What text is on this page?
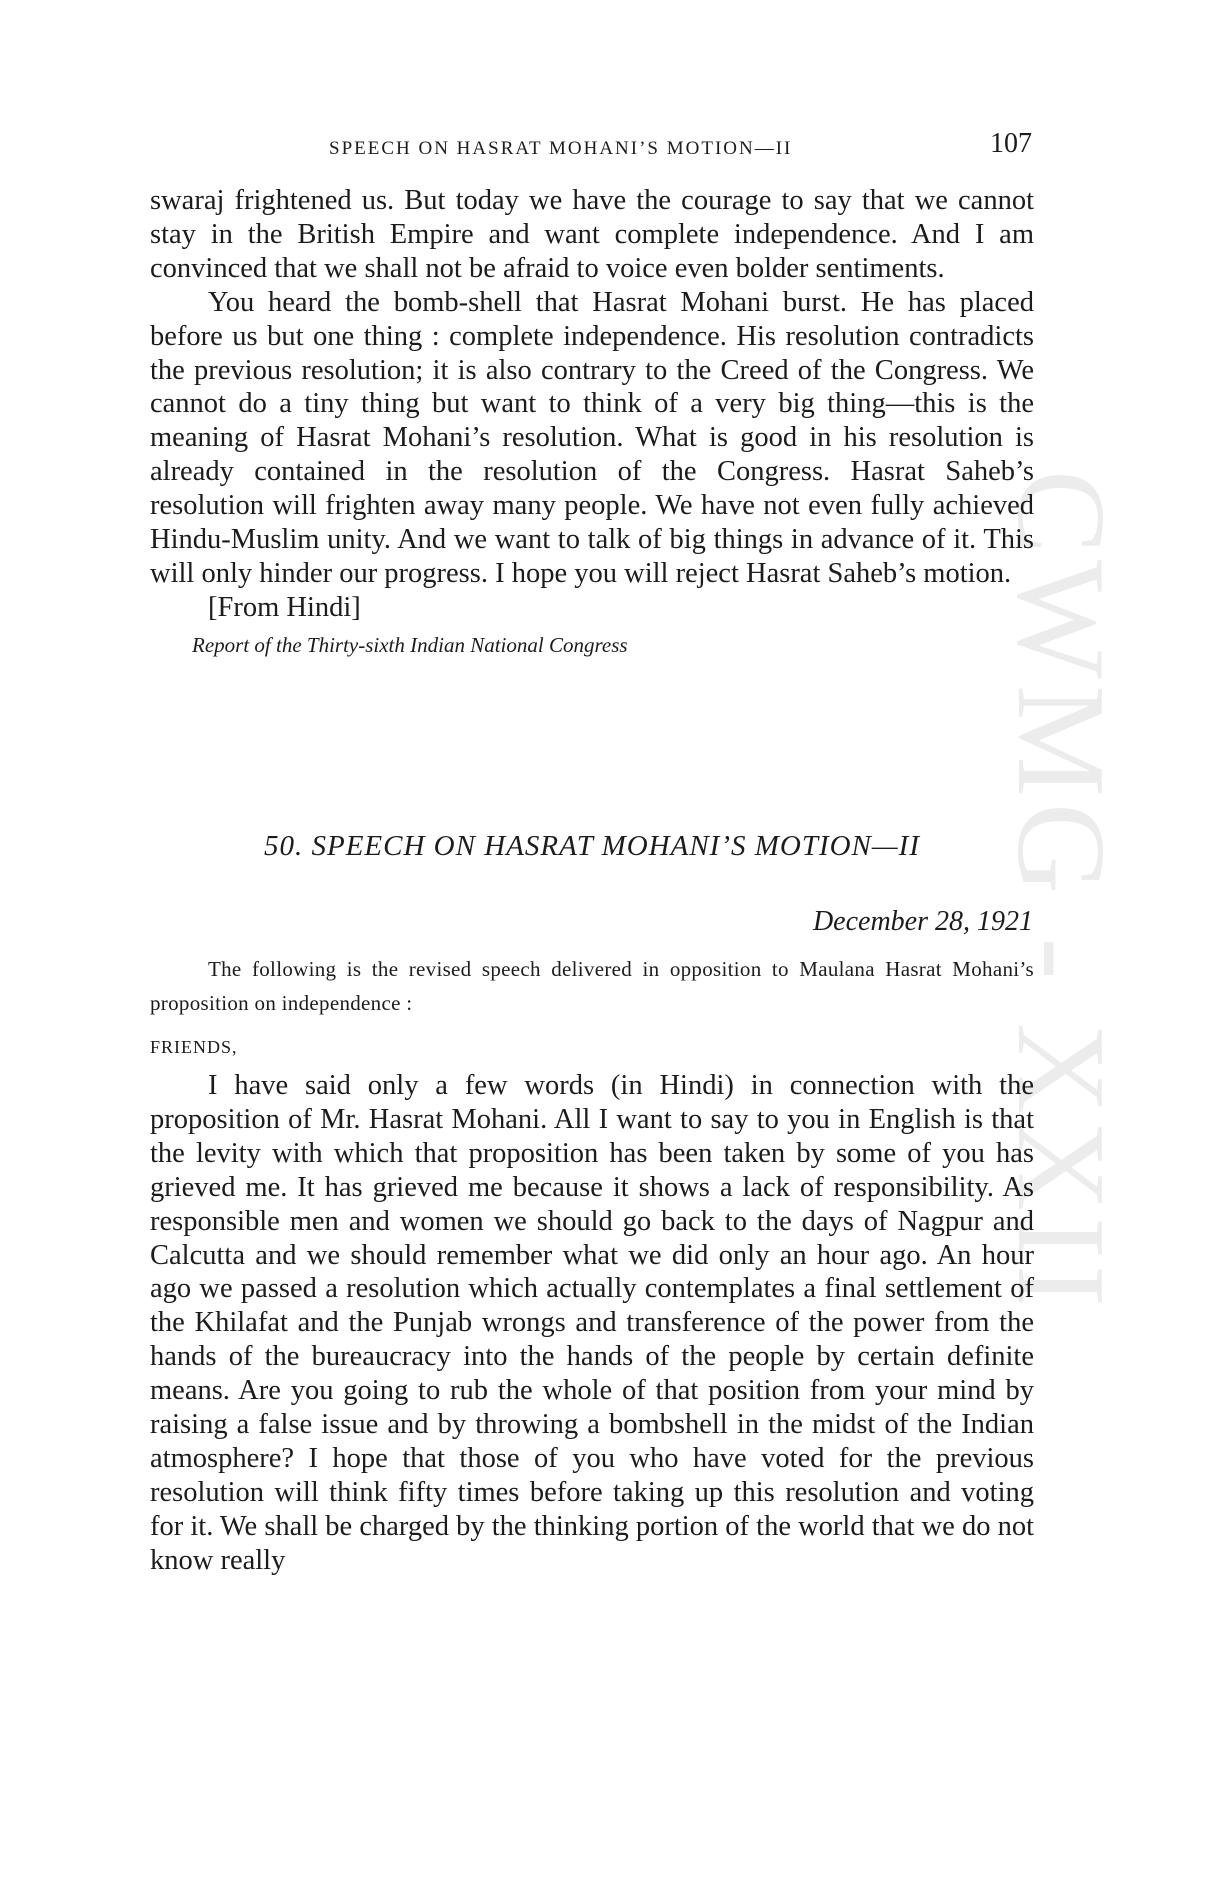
CWMG - XXII
SPEECH ON HASRAT MOHANI’S MOTION—II	107

swaraj frightened us. But today we have the courage to say that we cannot stay in the British Empire and want complete independence. And I am convinced that we shall not be afraid to voice even bolder sentiments.

You heard the bomb-shell that Hasrat Mohani burst. He has placed before us but one thing : complete independence. His resolution contradicts the previous resolution; it is also contrary to the Creed of the Congress. We cannot do a tiny thing but want to think of a very big thing—this is the meaning of Hasrat Mohani’s resolution. What is good in his resolution is already contained in the resolution of the Congress. Hasrat Saheb’s resolution will frighten away many people. We have not even fully achieved Hindu-Muslim unity. And we want to talk of big things in advance of it. This will only hinder our progress. I hope you will reject Hasrat Saheb’s motion.

[From Hindi]

Report of the Thirty-sixth Indian National Congress
50. SPEECH ON HASRAT MOHANI’S MOTION—II
December 28, 1921
The following is the revised speech delivered in opposition to Maulana Hasrat Mohani’s proposition on independence :
FRIENDS,

I have said only a few words (in Hindi) in connection with the proposition of Mr. Hasrat Mohani. All I want to say to you in English is that the levity with which that proposition has been taken by some of you has grieved me. It has grieved me because it shows a lack of responsibility. As responsible men and women we should go back to the days of Nagpur and Calcutta and we should remember what we did only an hour ago. An hour ago we passed a resolution which actually contemplates a final settlement of the Khilafat and the Punjab wrongs and transference of the power from the hands of the bureaucracy into the hands of the people by certain definite means. Are you going to rub the whole of that position from your mind by raising a false issue and by throwing a bombshell in the midst of the Indian atmosphere? I hope that those of you who have voted for the previous resolution will think fifty times before taking up this resolution and voting for it. We shall be charged by the thinking portion of the world that we do not know really
